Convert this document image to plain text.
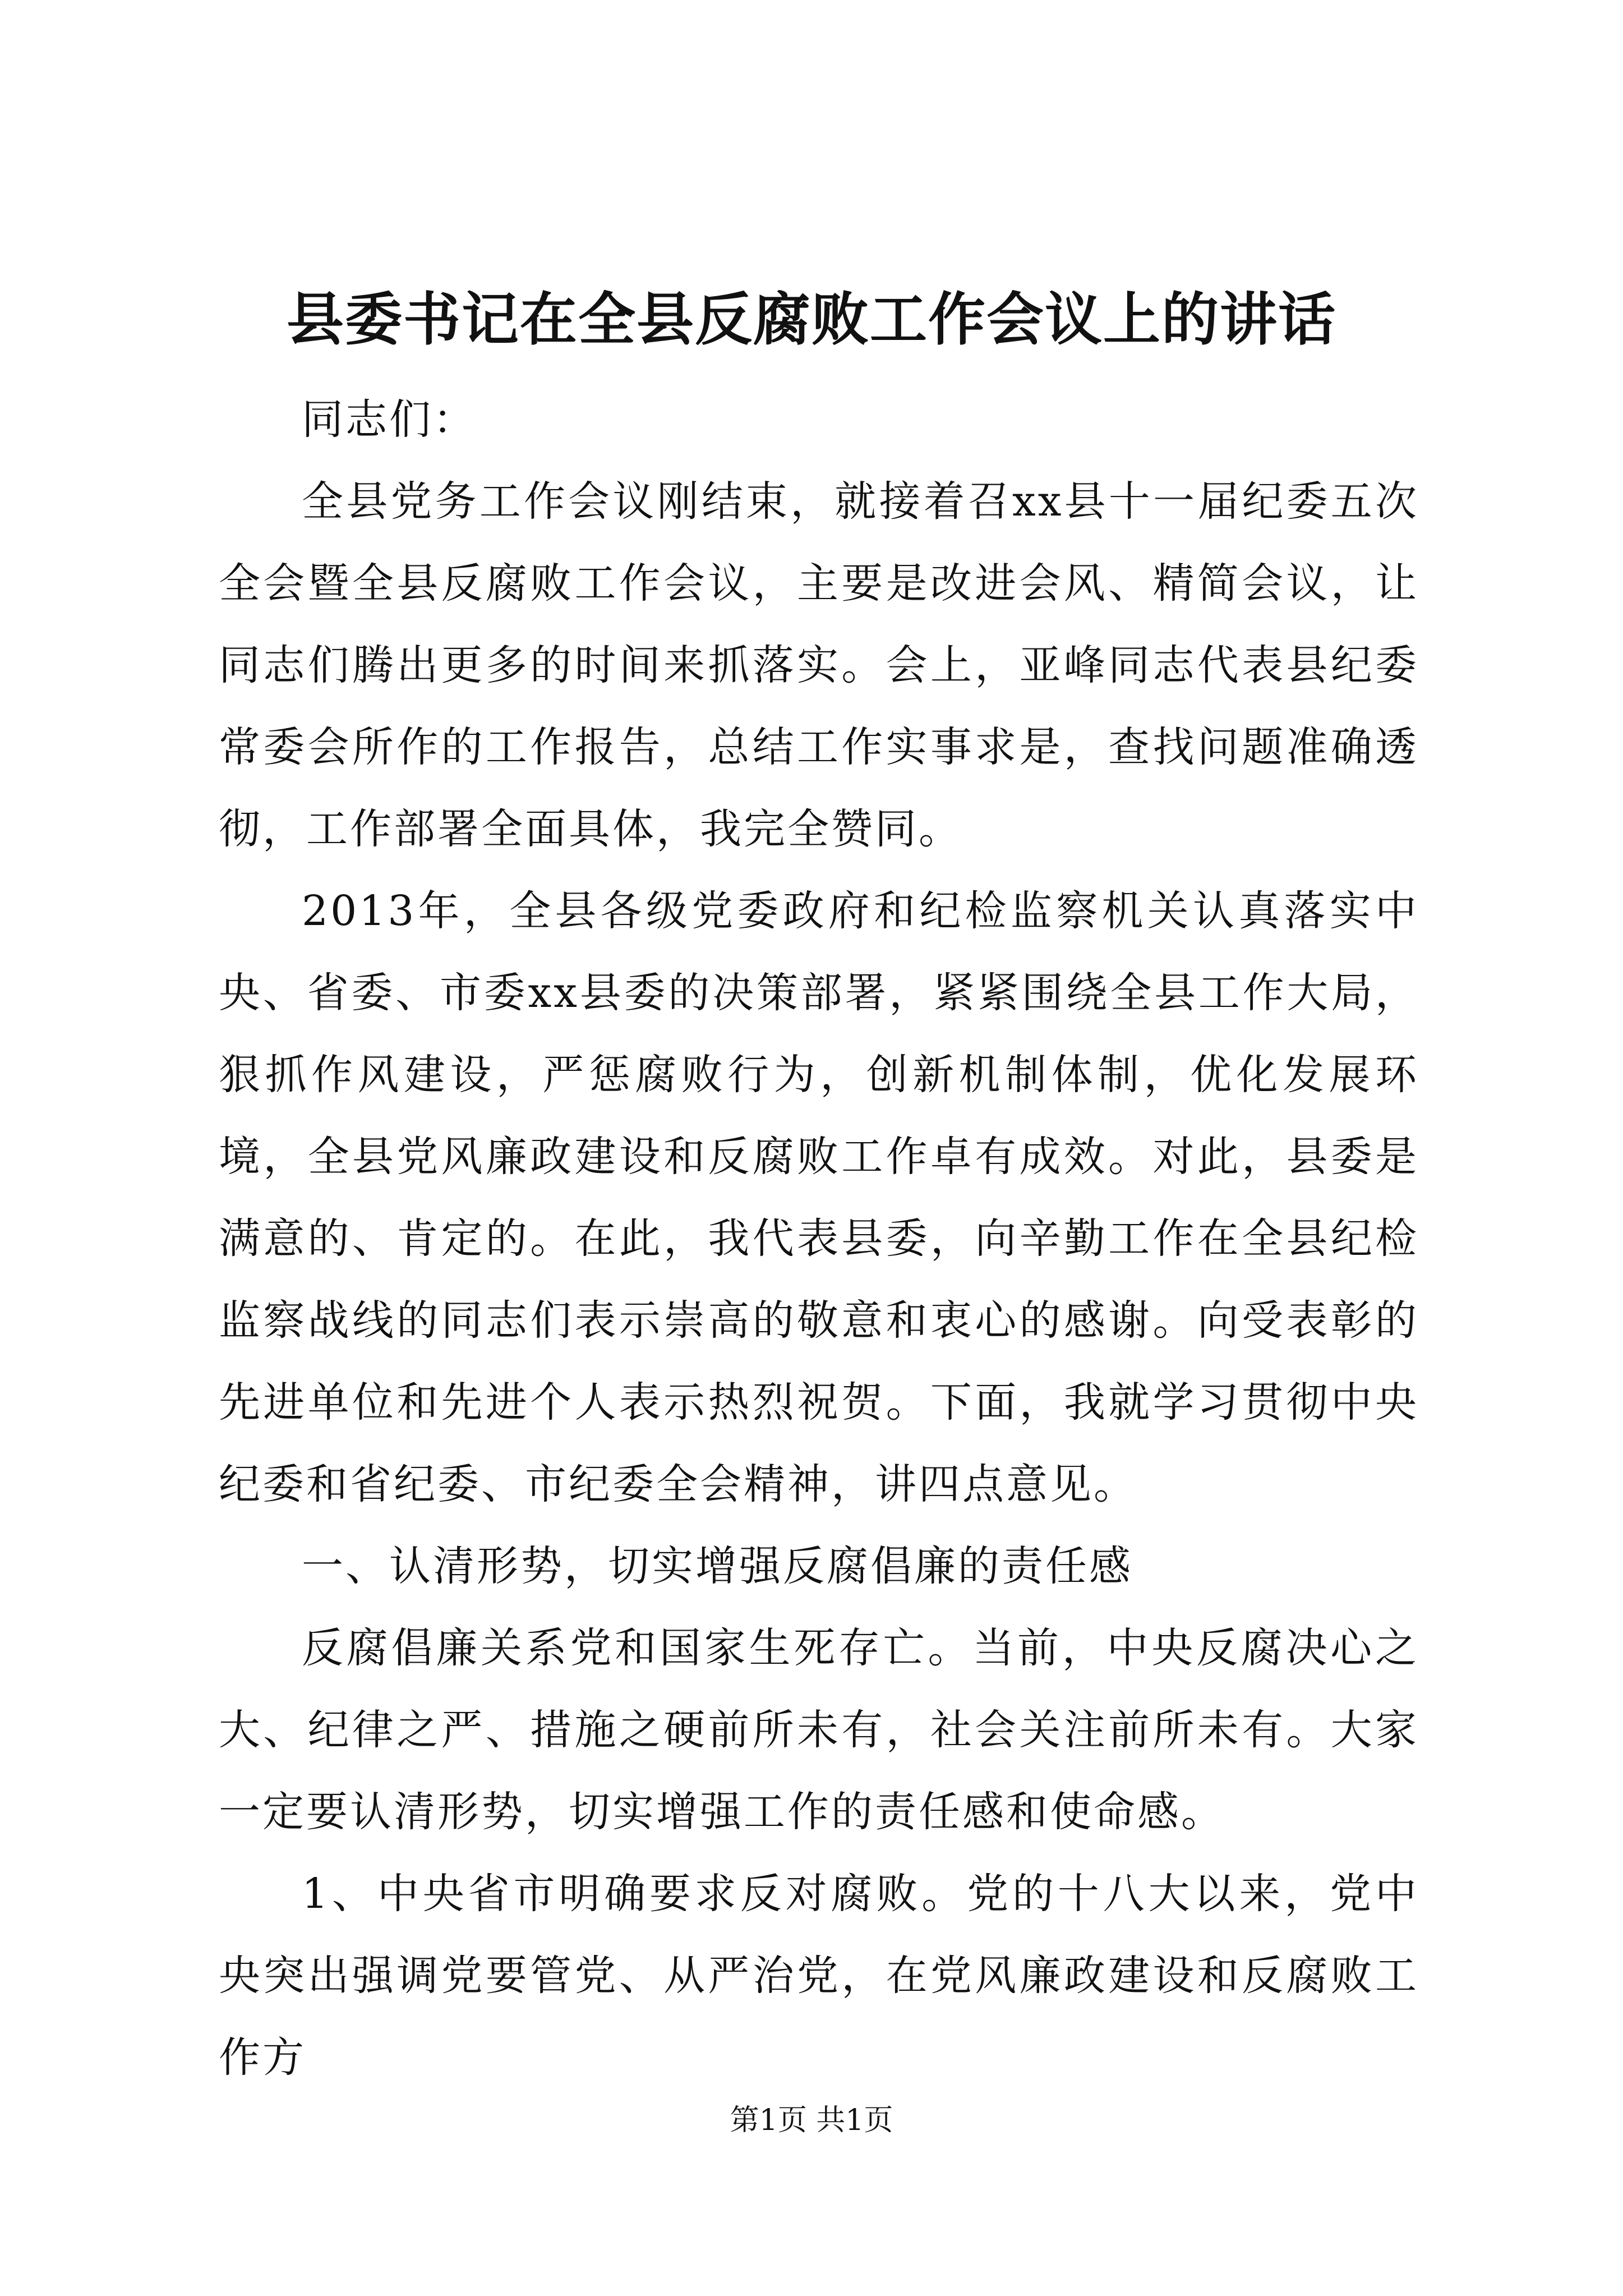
县委书记在全县反腐败工作会议上的讲话

同志们：

全县党务工作会议刚结束，就接着召xx县十一届纪委五次全会暨全县反腐败工作会议，主要是改进会风、精简会议，让同志们腾出更多的时间来抓落实。会上，亚峰同志代表县纪委常委会所作的工作报告，总结工作实事求是，查找问题准确透彻，工作部署全面具体，我完全赞同。

2013年，全县各级党委政府和纪检监察机关认真落实中央、省委、市委xx县委的决策部署，紧紧围绕全县工作大局，狠抓作风建设，严惩腐败行为，创新机制体制，优化发展环境，全县党风廉政建设和反腐败工作卓有成效。对此，县委是满意的、肯定的。在此，我代表县委，向辛勤工作在全县纪检监察战线的同志们表示崇高的敬意和衷心的感谢。向受表彰的先进单位和先进个人表示热烈祝贺。下面，我就学习贯彻中央纪委和省纪委、市纪委全会精神，讲四点意见。

一、认清形势，切实增强反腐倡廉的责任感

反腐倡廉关系党和国家生死存亡。当前，中央反腐决心之大、纪律之严、措施之硬前所未有，社会关注前所未有。大家一定要认清形势，切实增强工作的责任感和使命感。

1、中央省市明确要求反对腐败。党的十八大以来，党中央突出强调党要管党、从严治党，在党风廉政建设和反腐败工作方

第1页 共1页
